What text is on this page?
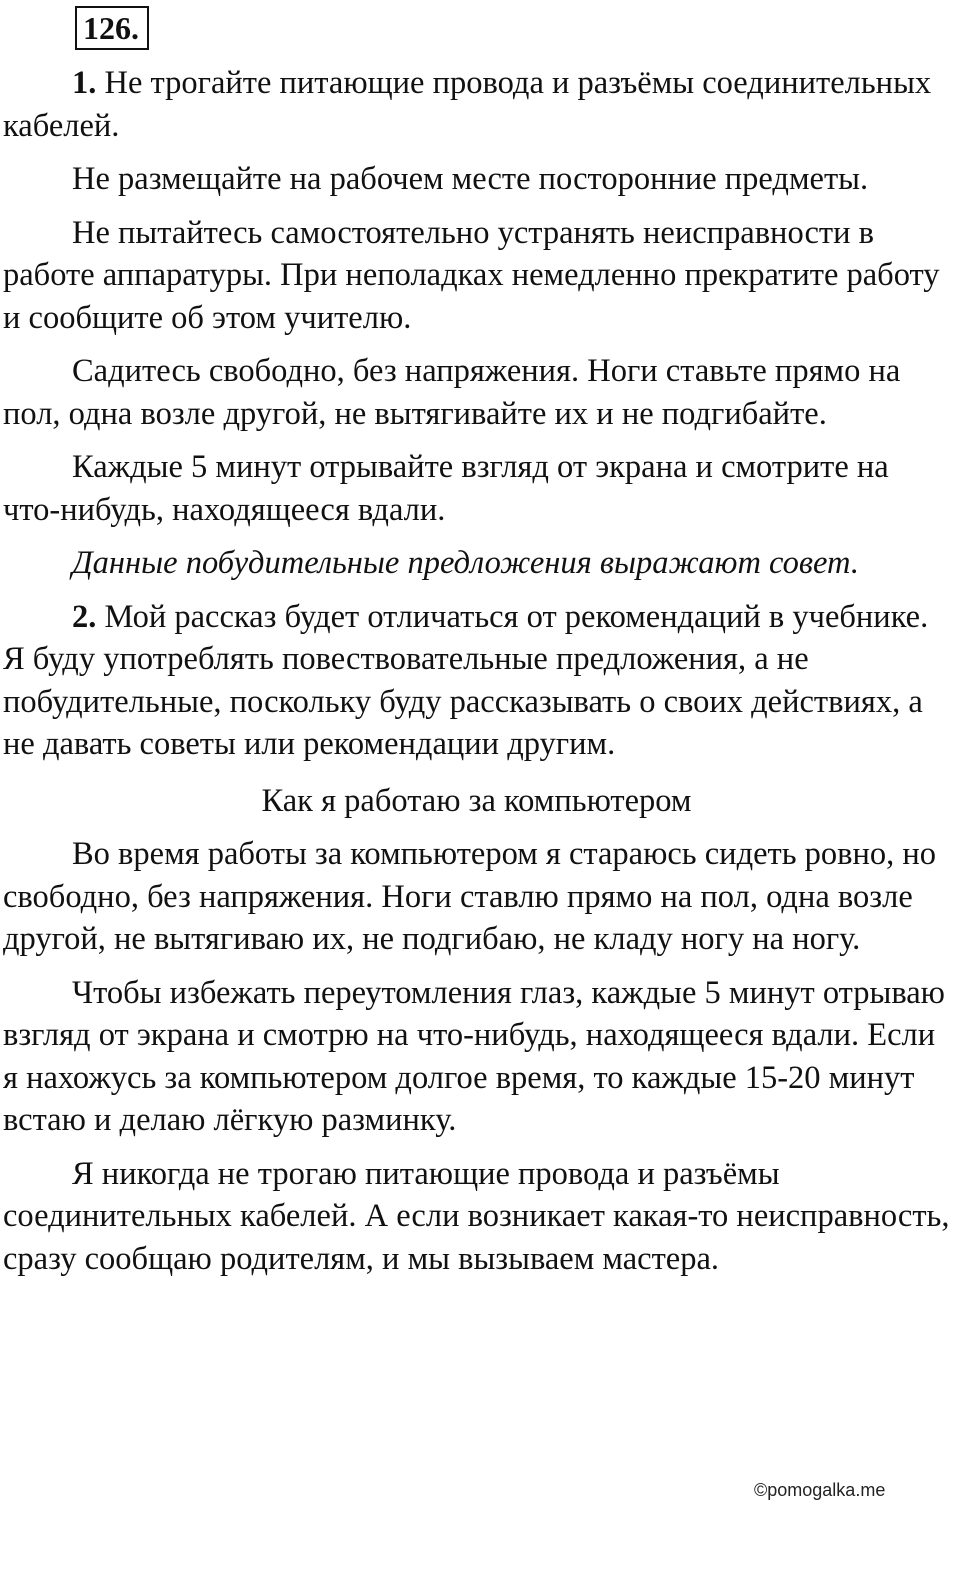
126.

1. Не трогайте питающие провода и разъёмы соединительных кабелей.

Не размещайте на рабочем месте посторонние предметы.

Не пытайтесь самостоятельно устранять неисправности в работе аппаратуры. При неполадках немедленно прекратите работу и сообщите об этом учителю.

Садитесь свободно, без напряжения. Ноги ставьте прямо на пол, одна возле другой, не вытягивайте их и не подгибайте.

Каждые 5 минут отрывайте взгляд от экрана и смотрите на что-нибудь, находящееся вдали.

Данные побудительные предложения выражают совет.

2. Мой рассказ будет отличаться от рекомендаций в учебнике. Я буду употреблять повествовательные предложения, а не побудительные, поскольку буду рассказывать о своих действиях, а не давать советы или рекомендации другим.

Как я работаю за компьютером

Во время работы за компьютером я стараюсь сидеть ровно, но свободно, без напряжения. Ноги ставлю прямо на пол, одна возле другой, не вытягиваю их, не подгибаю, не кладу ногу на ногу.

Чтобы избежать переутомления глаз, каждые 5 минут отрываю взгляд от экрана и смотрю на что-нибудь, находящееся вдали. Если я нахожусь за компьютером долгое время, то каждые 15-20 минут встаю и делаю лёгкую разминку.

Я никогда не трогаю питающие провода и разъёмы соединительных кабелей. А если возникает какая-то неисправность, сразу сообщаю родителям, и мы вызываем мастера.

©pomogalka.me
